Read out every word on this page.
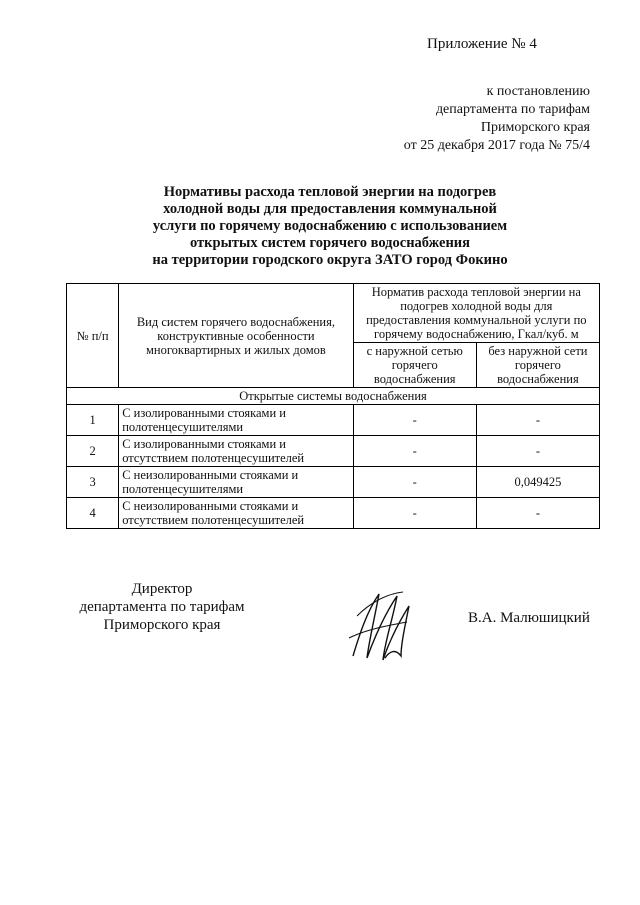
Приложение № 4
к постановлению
департамента по тарифам
Приморского края
от 25 декабря 2017 года № 75/4
Нормативы расхода тепловой энергии на подогрев
холодной воды для предоставления коммунальной
услуги по горячему водоснабжению с использованием
открытых систем горячего водоснабжения
на территории городского округа ЗАТО город Фокино
№ п/п	Вид систем горячего водоснабжения, конструктивные особенности многоквартирных и жилых домов	Норматив расхода тепловой энергии на подогрев холодной воды для предоставления коммунальной услуги по горячему водоснабжению, Гкал/куб. м	
		с наружной сетью горячего водоснабжения	без наружной сети горячего водоснабжения
Открытые системы водоснабжения			
1	С изолированными стояками и полотенцесушителями	-	-
2	С изолированными стояками и отсутствием полотенцесушителей	-	-
3	С неизолированными стояками и полотенцесушителями	-	0,049425
4	С неизолированными стояками и отсутствием полотенцесушителей	-	-
Директор
департамента по тарифам
Приморского края	В.А. Малюшицкий
